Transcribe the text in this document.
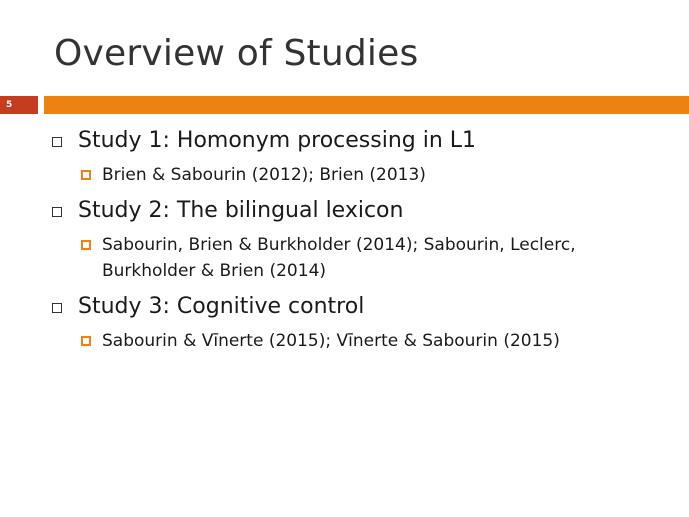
Overview of Studies
5
Study 1: Homonym processing in L1
Brien & Sabourin (2012); Brien (2013)
Study 2: The bilingual lexicon
Sabourin, Brien & Burkholder (2014); Sabourin, Leclerc, Burkholder & Brien (2014)
Study 3: Cognitive control
Sabourin & Vīnerte (2015); Vīnerte & Sabourin (2015)
